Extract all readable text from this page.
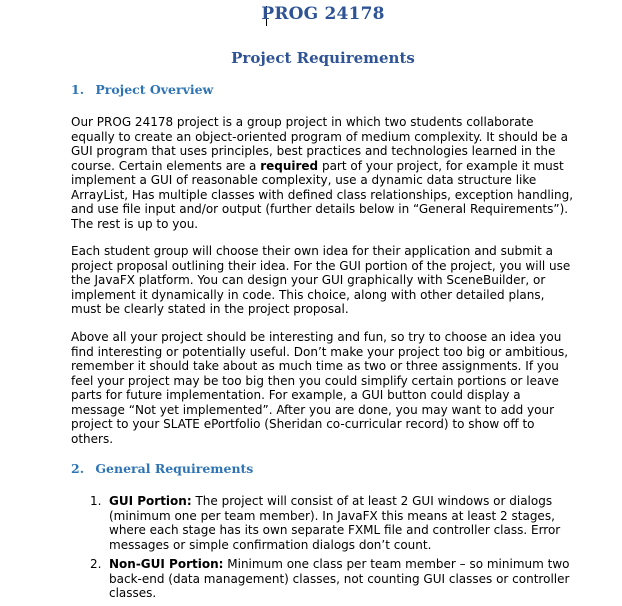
PROG 24178
Project Requirements
1. Project Overview

Our PROG 24178 project is a group project in which two students collaborate equally to create an object-oriented program of medium complexity. It should be a GUI program that uses principles, best practices and technologies learned in the course. Certain elements are a required part of your project, for example it must implement a GUI of reasonable complexity, use a dynamic data structure like ArrayList, Has multiple classes with defined class relationships, exception handling, and use file input and/or output (further details below in “General Requirements”). The rest is up to you.

Each student group will choose their own idea for their application and submit a project proposal outlining their idea. For the GUI portion of the project, you will use the JavaFX platform. You can design your GUI graphically with SceneBuilder, or implement it dynamically in code. This choice, along with other detailed plans, must be clearly stated in the project proposal.

Above all your project should be interesting and fun, so try to choose an idea you find interesting or potentially useful. Don’t make your project too big or ambitious, remember it should take about as much time as two or three assignments. If you feel your project may be too big then you could simplify certain portions or leave parts for future implementation. For example, a GUI button could display a message “Not yet implemented”. After you are done, you may want to add your project to your SLATE ePortfolio (Sheridan co-curricular record) to show off to others.

2. General Requirements
1. GUI Portion: The project will consist of at least 2 GUI windows or dialogs (minimum one per team member). In JavaFX this means at least 2 stages, where each stage has its own separate FXML file and controller class. Error messages or simple confirmation dialogs don’t count.
2. Non-GUI Portion: Minimum one class per team member – so minimum two back-end (data management) classes, not counting GUI classes or controller classes.
